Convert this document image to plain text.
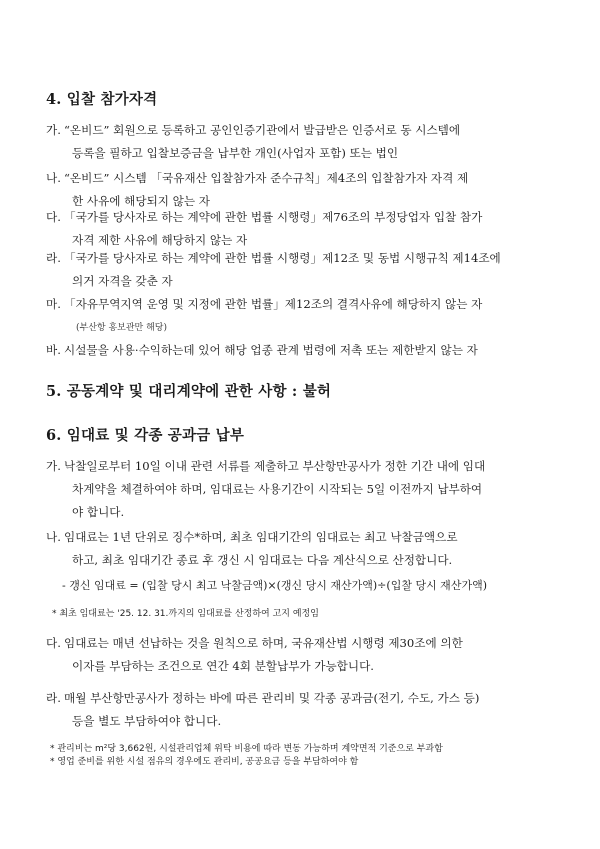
4. 입찰 참가자격
가. “온비드” 회원으로 등록하고 공인인증기관에서 발급받은 인증서로 동 시스템에
등록을 필하고 입찰보증금을 납부한 개인(사업자 포함) 또는 법인
나. “온비드” 시스템 「국유재산 입찰참가자 준수규칙」제4조의 입찰참가자 자격 제
한 사유에 해당되지 않는 자
다. 「국가를 당사자로 하는 계약에 관한 법률 시행령」제76조의 부정당업자 입찰 참가
자격 제한 사유에 해당하지 않는 자
라. 「국가를 당사자로 하는 계약에 관한 법률 시행령」제12조 및 동법 시행규칙 제14조에
의거 자격을 갖춘 자
마. 「자유무역지역 운영 및 지정에 관한 법률」제12조의 결격사유에 해당하지 않는 자
(부산항 홍보관만 해당)
바. 시설물을 사용·수익하는데 있어 해당 업종 관계 법령에 저촉 또는 제한받지 않는 자
5. 공동계약 및 대리계약에 관한 사항 : 불허
6. 임대료 및 각종 공과금 납부
가. 낙찰일로부터 10일 이내 관련 서류를 제출하고 부산항만공사가 정한 기간 내에 임대
차계약을 체결하여야 하며, 임대료는 사용기간이 시작되는 5일 이전까지 납부하여
야 합니다.
나. 임대료는 1년 단위로 징수*하며, 최초 임대기간의 임대료는 최고 낙찰금액으로
하고, 최초 임대기간 종료 후 갱신 시 임대료는 다음 계산식으로 산정합니다.
- 갱신 임대료 = (입찰 당시 최고 낙찰금액)×(갱신 당시 재산가액)÷(입찰 당시 재산가액)
* 최초 임대료는 '25. 12. 31.까지의 임대료를 산정하여 고지 예정임
다. 임대료는 매년 선납하는 것을 원칙으로 하며, 국유재산법 시행령 제30조에 의한
이자를 부담하는 조건으로 연간 4회 분할납부가 가능합니다.
라. 매월 부산항만공사가 정하는 바에 따른 관리비 및 각종 공과금(전기, 수도, 가스 등)
등을 별도 부담하여야 합니다.
* 관리비는 m²당 3,662원, 시설관리업체 위탁 비용에 따라 변동 가능하며 계약면적 기준으로 부과함
* 영업 준비를 위한 시설 점유의 경우에도 관리비, 공공요금 등을 부담하여야 함
